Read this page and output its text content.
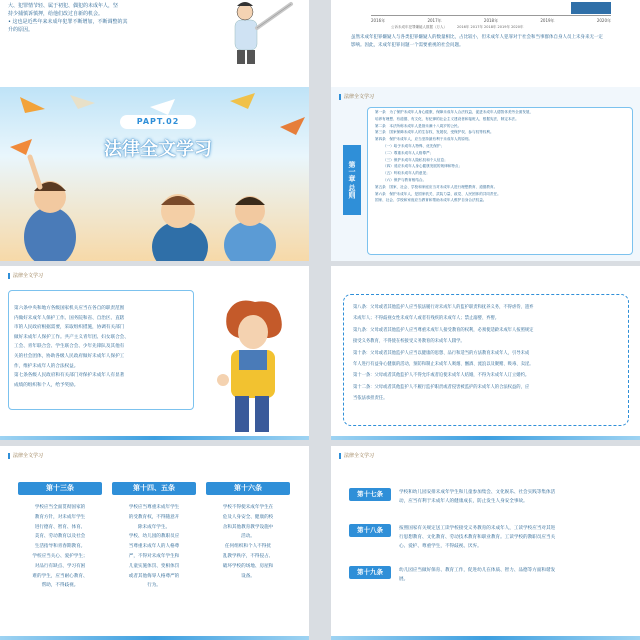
大、犯罪情节轻、属于初犯、偶犯的未成年人，坚
持少捕慎诉慎押，给他们改过自新的机会。
• 这也是近些年来未成年犯罪不断增加，不断调整的其
升的原因。
2016年	2017年	2018年	2019年	2020年
公诉未成年犯罪嫌疑人数据（万人）	2016年 2017年 2018年 2019年 2020年
虽然未成年犯罪嫌疑人与各类犯罪嫌疑人的数量相比，占比较小，但未成年人犯罪对于社会和当事群体自身人员上未身来无一定
影响。因此，未成年犯罪问题一个需要重视的社会问题。
PAPT.02
法律全文学习
法律全文学习
第一章 总则
第一条　为了保护未成年人身心健康，保障未成年人合法权益，促进未成年人德智体美劳全面发展，
培养有理想、有道德、有文化、有纪律的社会主义建设者和接班人，根据宪法，制定本法。
第二条　本法所称未成年人是指未满十八周岁的公民。
第三条　国家保障未成年人的生存权、发展权、受保护权、参与权等权利。
第四条　保护未成年人，应当坚持最有利于未成年人的原则。
（一）给予未成年人特殊、优先保护；
（二）尊重未成年人人格尊严；
（三）保护未成年人隐私权和个人信息；
（四）适应未成年人身心健康发展的规律和特点；
（五）听取未成年人的意见；
（六）保护与教育相结合。
第五条　国家、社会、学校和家庭应当对未成年人进行理想教育、道德教育。
第六条　保护未成年人，是国家机关、武装力量、政党、人民团体的共同责任。
国家、社会、学校和家庭应当教育和帮助未成年人维护自身合法权益。
法律全文学习
第六条中央和地方各级国家机关应当在各自的职责范围
内做好未成年人保护工作。国务院和省、自治区、直辖
市的人民政府根据需要，采取组织措施，协调有关部门
做好未成年人保护工作。共产主义青年团、妇女联合会、
工会、青年联合会、学生联合会、少年先锋队及其他有
关的社会团体，协助各级人民政府做好未成年人保护工
作，维护未成年人的合法权益。
第七条各级人民政府和有关部门对保护未成年人有显著
成绩的组织和个人，给予奖励。
第八条：父母或者其他监护人应当依法履行对未成年人的监护职责和抚养义务，不得虐待、遗弃
未成年人；不得歧视女性未成年人或者有残疾的未成年人；禁止溺婴、弃婴。
第九条：父母或者其他监护人应当尊重未成年人接受教育的权利，必须使适龄未成年人按照规定
接受义务教育，不得使在校接受义务教育的未成年人辍学。
第十条：父母或者其他监护人应当以健康的思想、品行和适当的方法教育未成年人，引导未成
年人进行有益身心健康的活动，预防和制止未成年人吸烟、酗酒、流浪以及聚赌、吸毒、卖淫。
第十一条：父母或者其他监护人不得允许或者迫使未成年人结婚，不得为未成年人订立婚约。
第十二条：父母或者其他监护人不履行监护职责或者侵害被监护的未成年人的合法权益的，应
当依法承担责任。
法律全文学习
第十三条
学校应当全面贯彻国家的
教育方针，对未成年学生
进行德育、智育、体育、
美育、劳动教育以及社会
生活指导和青春期教育。
学校应当关心、爱护学生；
对品行有缺点、学习有困
难的学生，应当耐心教育、
帮助，不得歧视。
第十四、五条
学校应当尊重未成年学生
的受教育权，不得随意开
除未成年学生。
学校、幼儿园的教职员应
当尊重未成年人的人格尊
严，不得对未成年学生和
儿童实施体罚、变相体罚
或者其他侮辱人格尊严的
行为。
第十六条
学校不得使未成年学生在
危及人身安全、健康的校
舍和其他教育教学设施中
活动。
任何组织和个人不得扰
乱教学秩序，不得侵占、
破坏学校的场地、房屋和
设备。
法律全文学习
第十七条	学校和幼儿园安排未成年学生和儿童参加集会、文化娱乐、社会实践等集体活
动，应当有利于未成年人的健康成长，防止发生人身安全事故。
第十八条	按照国家有关规定送工读学校接受义务教育的未成年人，工读学校应当对其进
行思想教育、文化教育、劳动技术教育和职业教育。工读学校的教职员应当关
心、爱护、尊重学生，不得歧视、厌弃。
第十九条	幼儿园应当做好保育、教育工作，促进幼儿在体质、智力、品德等方面和谐发
展。
